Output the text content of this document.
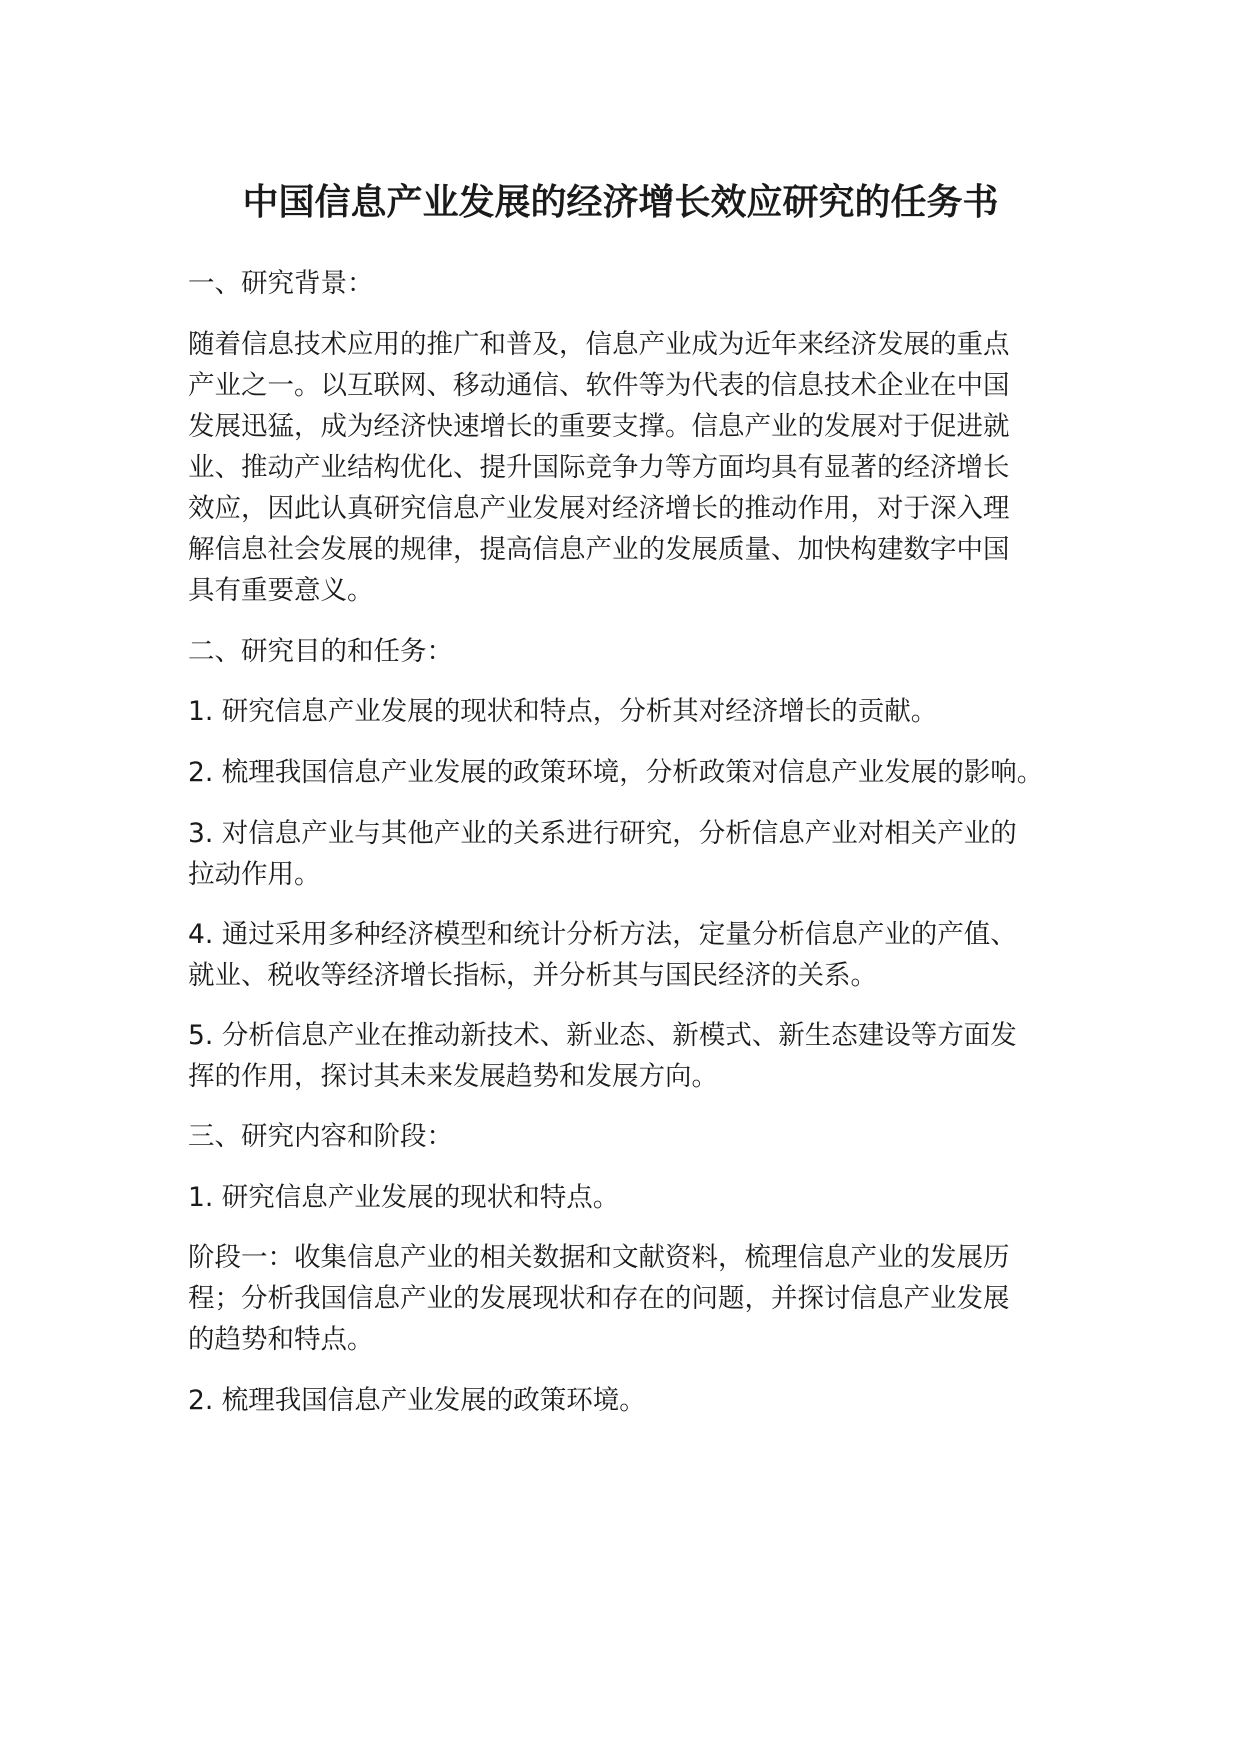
中国信息产业发展的经济增长效应研究的任务书

一、研究背景：

随着信息技术应用的推广和普及，信息产业成为近年来经济发展的重点

产业之一。以互联网、移动通信、软件等为代表的信息技术企业在中国

发展迅猛，成为经济快速增长的重要支撑。信息产业的发展对于促进就

业、推动产业结构优化、提升国际竞争力等方面均具有显著的经济增长

效应，因此认真研究信息产业发展对经济增长的推动作用，对于深入理

解信息社会发展的规律，提高信息产业的发展质量、加快构建数字中国

具有重要意义。

二、研究目的和任务：

1. 研究信息产业发展的现状和特点，分析其对经济增长的贡献。

2. 梳理我国信息产业发展的政策环境，分析政策对信息产业发展的影响。

3. 对信息产业与其他产业的关系进行研究，分析信息产业对相关产业的

拉动作用。

4. 通过采用多种经济模型和统计分析方法，定量分析信息产业的产值、

就业、税收等经济增长指标，并分析其与国民经济的关系。

5. 分析信息产业在推动新技术、新业态、新模式、新生态建设等方面发

挥的作用，探讨其未来发展趋势和发展方向。

三、研究内容和阶段：

1. 研究信息产业发展的现状和特点。

阶段一：收集信息产业的相关数据和文献资料，梳理信息产业的发展历

程；分析我国信息产业的发展现状和存在的问题，并探讨信息产业发展

的趋势和特点。

2. 梳理我国信息产业发展的政策环境。
